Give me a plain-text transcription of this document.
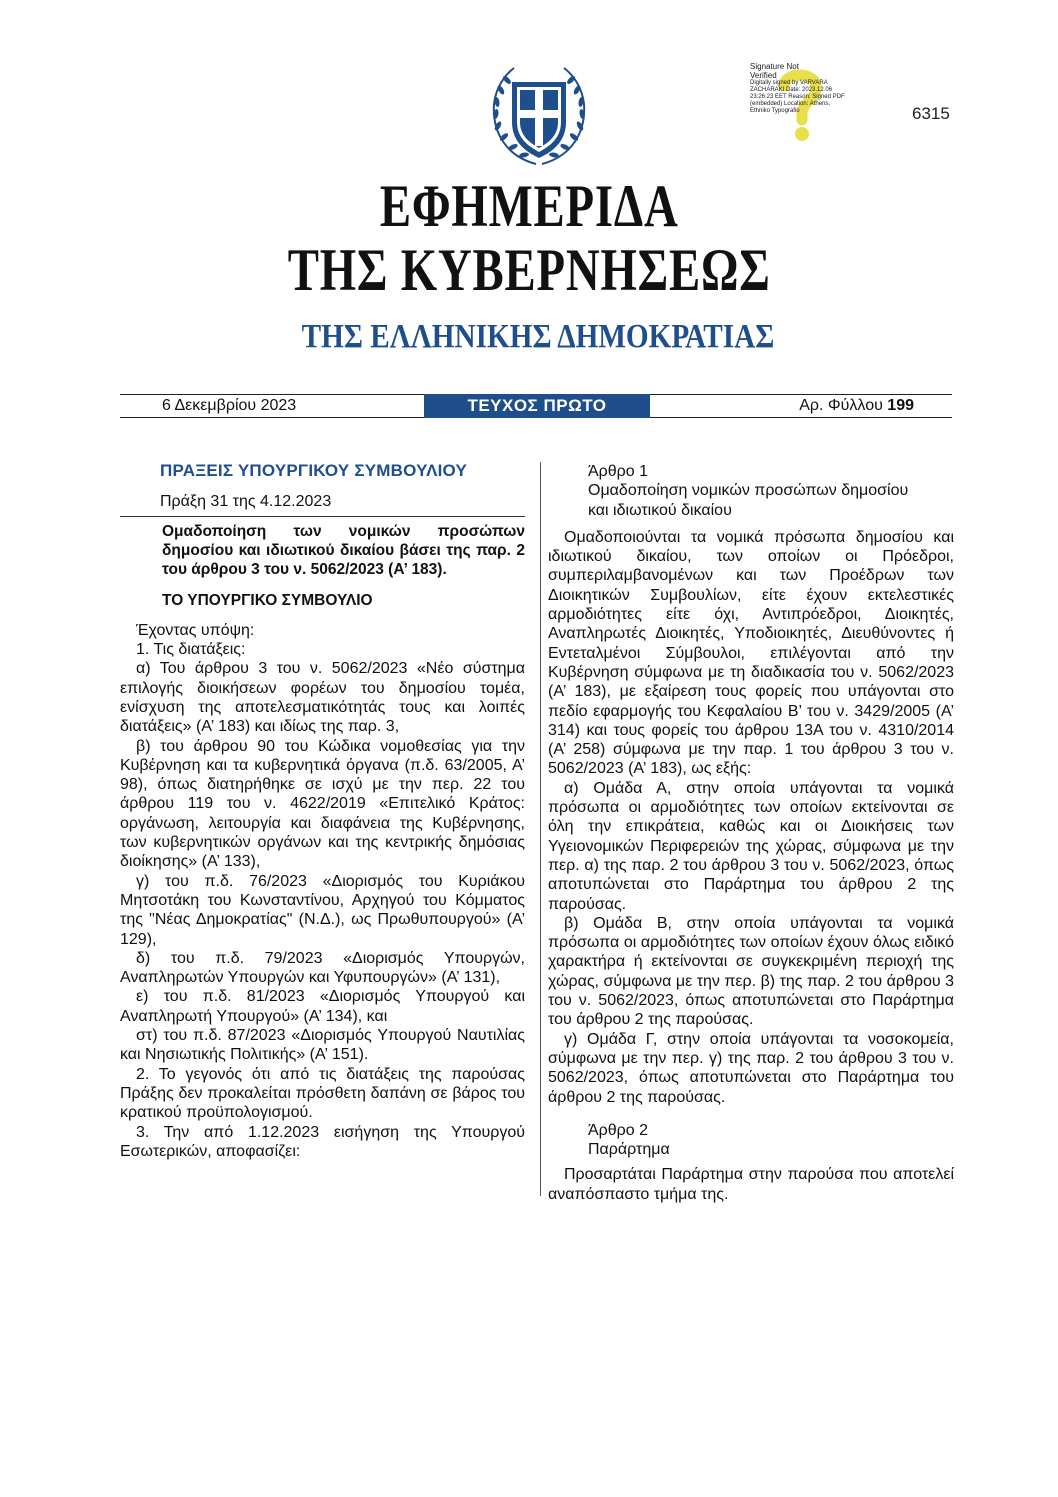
Signature Not
Verified
Digitally signed by VARVARA ZACHARAKI Date: 2023.12.06 23:26:23 EET Reason: Signed PDF (embedded) Location: Athens, Ethniko Typografio	6315
ΕΦΗΜΕΡΙΔΑ
ΤΗΣ ΚΥΒΕΡΝΗΣΕΩΣ
ΤΗΣ ΕΛΛΗΝΙΚΗΣ ΔΗΜΟΚΡΑΤΙΑΣ
6 Δεκεμβρίου 2023	ΤΕΥΧΟΣ ΠΡΩΤΟ	Αρ. Φύλλου 199

ΠΡΑΞΕΙΣ ΥΠΟΥΡΓΙΚΟΥ ΣΥΜΒΟΥΛΙΟΥ

Πράξη 31 της 4.12.2023

Ομαδοποίηση των νομικών προσώπων δημοσίου και ιδιωτικού δικαίου βάσει της παρ. 2 του άρθρου 3 του ν. 5062/2023 (Α’ 183).

ΤΟ ΥΠΟΥΡΓΙΚΟ ΣΥΜΒΟΥΛΙΟ

Έχοντας υπόψη:

1. Τις διατάξεις:

α) Του άρθρου 3 του ν. 5062/2023 «Νέο σύστημα επιλογής διοικήσεων φορέων του δημοσίου τομέα, ενίσχυση της αποτελεσματικότητάς τους και λοιπές διατάξεις» (Α’ 183) και ιδίως της παρ. 3,

β) του άρθρου 90 του Κώδικα νομοθεσίας για την Κυβέρνηση και τα κυβερνητικά όργανα (π.δ. 63/2005, Α’ 98), όπως διατηρήθηκε σε ισχύ με την περ. 22 του άρθρου 119 του ν. 4622/2019 «Επιτελικό Κράτος: οργάνωση, λειτουργία και διαφάνεια της Κυβέρνησης, των κυβερνητικών οργάνων και της κεντρικής δημόσιας διοίκησης» (Α’ 133),

γ) του π.δ. 76/2023 «Διορισμός του Κυριάκου Μητσοτάκη του Κωνσταντίνου, Αρχηγού του Κόμματος της "Νέας Δημοκρατίας" (Ν.Δ.), ως Πρωθυπουργού» (Α’ 129),

δ) του π.δ. 79/2023 «Διορισμός Υπουργών, Αναπληρωτών Υπουργών και Υφυπουργών» (Α’ 131),

ε) του π.δ. 81/2023 «Διορισμός Υπουργού και Αναπληρωτή Υπουργού» (Α’ 134), και

στ) του π.δ. 87/2023 «Διορισμός Υπουργού Ναυτιλίας και Νησιωτικής Πολιτικής» (Α’ 151).

2. Το γεγονός ότι από τις διατάξεις της παρούσας Πράξης δεν προκαλείται πρόσθετη δαπάνη σε βάρος του κρατικού προϋπολογισμού.

3. Την από 1.12.2023 εισήγηση της Υπουργού Εσωτερικών, αποφασίζει:

Άρθρο 1

Ομαδοποίηση νομικών προσώπων δημοσίου

και ιδιωτικού δικαίου

Ομαδοποιούνται τα νομικά πρόσωπα δημοσίου και ιδιωτικού δικαίου, των οποίων οι Πρόεδροι, συμπεριλαμβανομένων και των Προέδρων των Διοικητικών Συμβουλίων, είτε έχουν εκτελεστικές αρμοδιότητες είτε όχι, Αντιπρόεδροι, Διοικητές, Αναπληρωτές Διοικητές, Υποδιοικητές, Διευθύνοντες ή Εντεταλμένοι Σύμβουλοι, επιλέγονται από την Κυβέρνηση σύμφωνα με τη διαδικασία του ν. 5062/2023 (Α’ 183), με εξαίρεση τους φορείς που υπάγονται στο πεδίο εφαρμογής του Κεφαλαίου Β’ του ν. 3429/2005 (Α’ 314) και τους φορείς του άρθρου 13Α του ν. 4310/2014 (Α’ 258) σύμφωνα με την παρ. 1 του άρθρου 3 του ν. 5062/2023 (Α’ 183), ως εξής:

α) Ομάδα Α, στην οποία υπάγονται τα νομικά πρόσωπα οι αρμοδιότητες των οποίων εκτείνονται σε όλη την επικράτεια, καθώς και οι Διοικήσεις των Υγειονομικών Περιφερειών της χώρας, σύμφωνα με την περ. α) της παρ. 2 του άρθρου 3 του ν. 5062/2023, όπως αποτυπώνεται στο Παράρτημα του άρθρου 2 της παρούσας.

β) Ομάδα Β, στην οποία υπάγονται τα νομικά πρόσωπα οι αρμοδιότητες των οποίων έχουν όλως ειδικό χαρακτήρα ή εκτείνονται σε συγκεκριμένη περιοχή της χώρας, σύμφωνα με την περ. β) της παρ. 2 του άρθρου 3 του ν. 5062/2023, όπως αποτυπώνεται στο Παράρτημα του άρθρου 2 της παρούσας.

γ) Ομάδα Γ, στην οποία υπάγονται τα νοσοκομεία, σύμφωνα με την περ. γ) της παρ. 2 του άρθρου 3 του ν. 5062/2023, όπως αποτυπώνεται στο Παράρτημα του άρθρου 2 της παρούσας.

Άρθρο 2

Παράρτημα

Προσαρτάται Παράρτημα στην παρούσα που αποτελεί αναπόσπαστο τμήμα της.
